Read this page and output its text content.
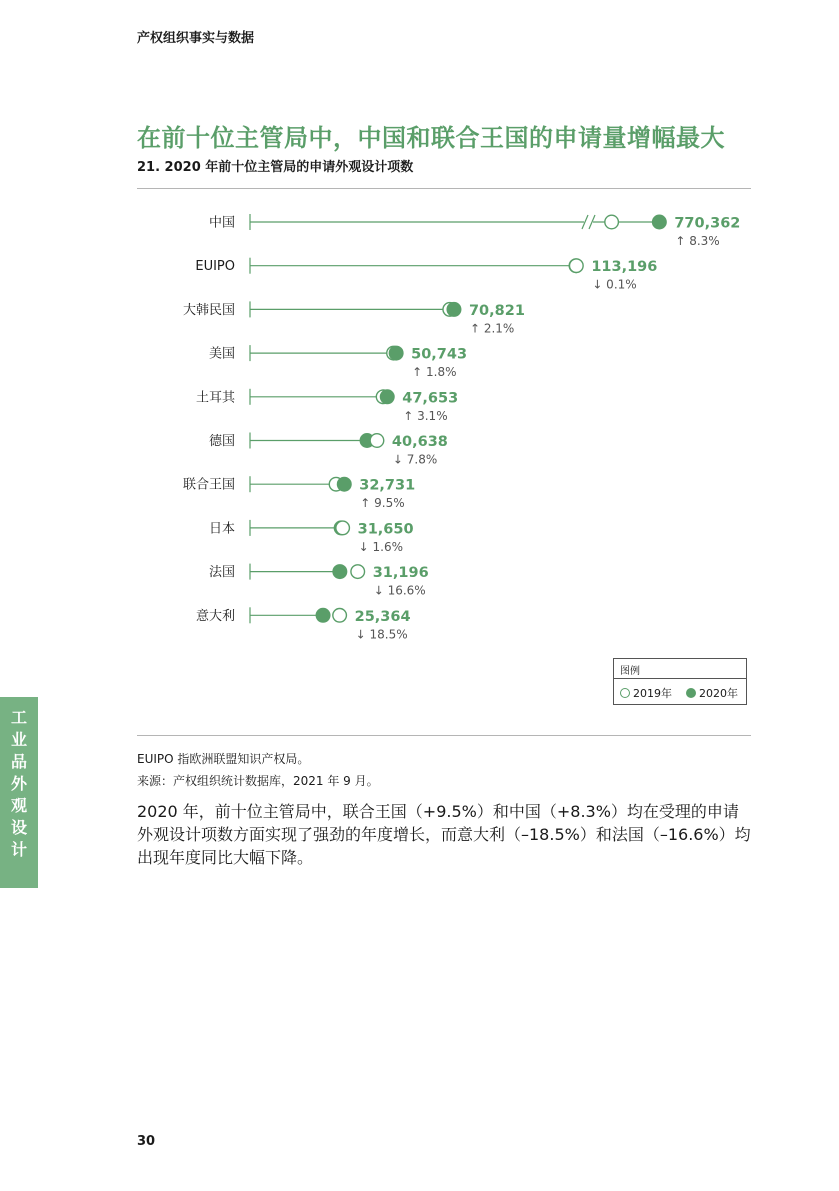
产权组织事实与数据
在前十位主管局中，中国和联合王国的申请量增幅最大
21. 2020 年前十位主管局的申请外观设计项数
中国	770,362
↑ 8.3%
EUIPO	113,196
↓ 0.1%
大韩民国	70,821
↑ 2.1%
美国	50,743
↑ 1.8%
土耳其	47,653
↑ 3.1%
德国	40,638
↓ 7.8%
联合王国	32,731
↑ 9.5%
日本	31,650
↓ 1.6%
法国	31,196
↓ 16.6%
意大利	25,364
↓ 18.5%
图例
2019年 2020年
工
业
品
外
观
设
计
EUIPO 指欧洲联盟知识产权局。
来源：产权组织统计数据库，2021 年 9 月。
2020 年，前十位主管局中，联合王国（+9.5%）和中国（+8.3%）均在受理的申请外观设计项数方面实现了强劲的年度增长，而意大利（–18.5%）和法国（–16.6%）均出现年度同比大幅下降。
30
